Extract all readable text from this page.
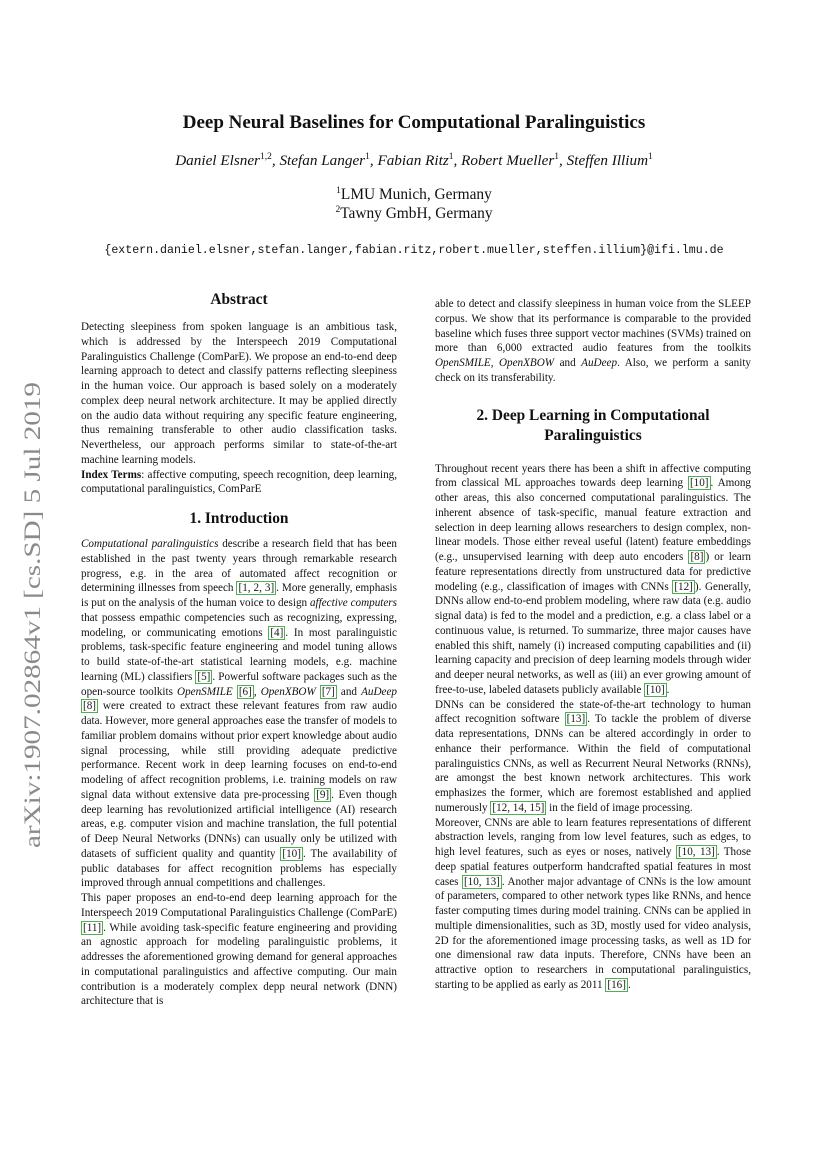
arXiv:1907.02864v1 [cs.SD] 5 Jul 2019
Deep Neural Baselines for Computational Paralinguistics
Daniel Elsner$^{1,2}$, Stefan Langer$^1$, Fabian Ritz$^1$, Robert Mueller$^1$, Steffen Illium$^1$
$^1$LMU Munich, Germany
$^2$Tawny GmbH, Germany
{extern.daniel.elsner,stefan.langer,fabian.ritz,robert.mueller,steffen.illium}@ifi.lmu.de
Abstract

Detecting sleepiness from spoken language is an ambitious task, which is addressed by the Interspeech 2019 Computational Paralinguistics Challenge (ComParE). We propose an end-to-end deep learning approach to detect and classify patterns reflecting sleepiness in the human voice. Our approach is based solely on a moderately complex deep neural network architecture. It may be applied directly on the audio data without requiring any specific feature engineering, thus remaining transferable to other audio classification tasks. Nevertheless, our approach performs similar to state-of-the-art machine learning models.

Index Terms: affective computing, speech recognition, deep learning, computational paralinguistics, ComParE

1. Introduction

Computational paralinguistics describe a research field that has been established in the past twenty years through remarkable research progress, e.g. in the area of automated affect recognition or determining illnesses from speech [1, 2, 3] . More generally, emphasis is put on the analysis of the human voice to design affective computers that possess empathic competencies such as recognizing, expressing, modeling, or communicating emotions [4] . In most paralinguistic problems, task-specific feature engineering and model tuning allows to build state-of-the-art statistical learning models, e.g. machine learning (ML) classifiers [5] . Powerful software packages such as the open-source toolkits OpenSMILE [6] , OpenXBOW [7] and AuDeep [8] were created to extract these relevant features from raw audio data. However, more general approaches ease the transfer of models to familiar problem domains without prior expert knowledge about audio signal processing, while still providing adequate predictive performance. Recent work in deep learning focuses on end-to-end modeling of affect recognition problems, i.e. training models on raw signal data without extensive data pre-processing [9] . Even though deep learning has revolutionized artificial intelligence (AI) research areas, e.g. computer vision and machine translation, the full potential of Deep Neural Networks (DNNs) can usually only be utilized with datasets of sufficient quality and quantity [10] . The availability of public databases for affect recognition problems has especially improved through annual competitions and challenges.

This paper proposes an end-to-end deep learning approach for the Interspeech 2019 Computational Paralinguistics Challenge (ComParE) [11] . While avoiding task-specific feature engineering and providing an agnostic approach for modeling paralinguistic problems, it addresses the aforementioned growing demand for general approaches in computational paralinguistics and affective computing. Our main contribution is a moderately complex depp neural network (DNN) architecture that is

able to detect and classify sleepiness in human voice from the SLEEP corpus. We show that its performance is comparable to the provided baseline which fuses three support vector machines (SVMs) trained on more than 6,000 extracted audio features from the toolkits OpenSMILE, OpenXBOW and AuDeep. Also, we perform a sanity check on its transferability.

2. Deep Learning in Computational
Paralinguistics

Throughout recent years there has been a shift in affective computing from classical ML approaches towards deep learning [10] . Among other areas, this also concerned computational paralinguistics. The inherent absence of task-specific, manual feature extraction and selection in deep learning allows researchers to design complex, non-linear models. Those either reveal useful (latent) feature embeddings (e.g., unsupervised learning with deep auto encoders [8] ) or learn feature representations directly from unstructured data for predictive modeling (e.g., classification of images with CNNs [12] ). Generally, DNNs allow end-to-end problem modeling, where raw data (e.g. audio signal data) is fed to the model and a prediction, e.g. a class label or a continuous value, is returned. To summarize, three major causes have enabled this shift, namely (i) increased computing capabilities and (ii) learning capacity and precision of deep learning models through wider and deeper neural networks, as well as (iii) an ever growing amount of free-to-use, labeled datasets publicly available [10] .

DNNs can be considered the state-of-the-art technology to human affect recognition software [13] . To tackle the problem of diverse data representations, DNNs can be altered accordingly in order to enhance their performance. Within the field of computational paralinguistics CNNs, as well as Recurrent Neural Networks (RNNs), are amongst the best known network architectures. This work emphasizes the former, which are foremost established and applied numerously [12, 14, 15] in the field of image processing.

Moreover, CNNs are able to learn features representations of different abstraction levels, ranging from low level features, such as edges, to high level features, such as eyes or noses, natively [10, 13] . Those deep spatial features outperform handcrafted spatial features in most cases [10, 13] . Another major advantage of CNNs is the low amount of parameters, compared to other network types like RNNs, and hence faster computing times during model training. CNNs can be applied in multiple dimensionalities, such as 3D, mostly used for video analysis, 2D for the aforementioned image processing tasks, as well as 1D for one dimensional raw data inputs. Therefore, CNNs have been an attractive option to researchers in computational paralinguistics, starting to be applied as early as 2011 [16] .
